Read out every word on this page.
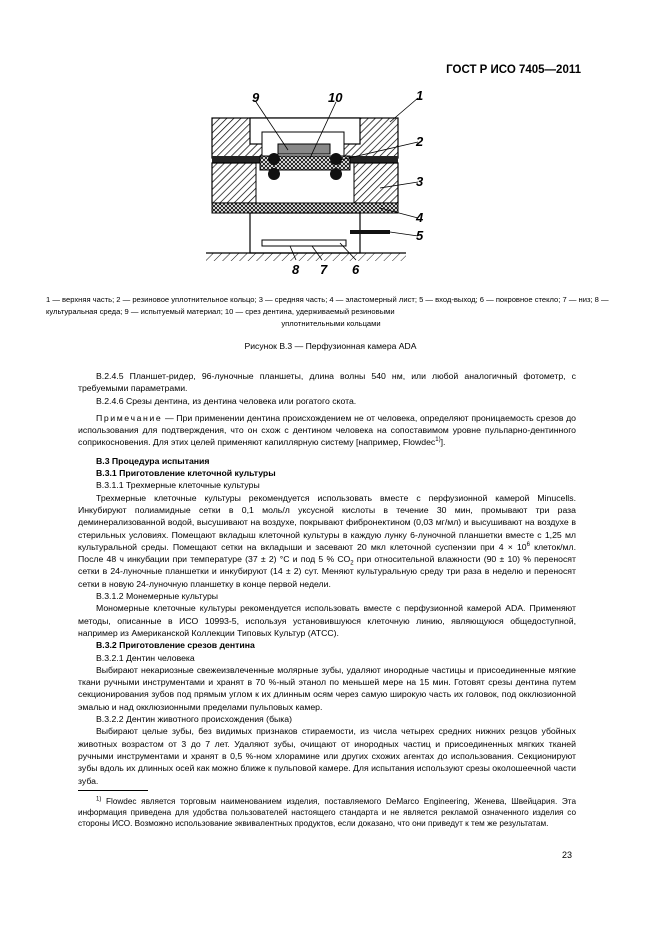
ГОСТ Р ИСО 7405—2011
9	10	1
2
3
4
5
6
7
8
1 — верхняя часть; 2 — резиновое уплотнительное кольцо; 3 — средняя часть; 4 — эластомерный лист; 5 — вход-выход; 6 — покровное стекло; 7 — низ; 8 — культуральная среда; 9 — испытуемый материал; 10 — срез дентина, удерживаемый резиновыми
уплотнительными кольцами
Рисунок В.3 — Перфузионная камера ADA

В.2.4.5 Планшет-ридер, 96-луночные планшеты, длина волны 540 нм, или любой аналогичный фотометр, с требуемыми параметрами.

В.2.4.6 Срезы дентина, из дентина человека или рогатого скота.

Примечание — При применении дентина происхождением не от человека, определяют проницаемость срезов до использования для подтверждения, что он схож с дентином человека на сопоставимом уровне пульпарно-дентинного соприкосновения. Для этих целей применяют капиллярную систему [например, Flowdec$^{1)}$].

В.3 Процедура испытания

В.3.1 Приготовление клеточной культуры

В.3.1.1 Трехмерные клеточные культуры

Трехмерные клеточные культуры рекомендуется использовать вместе с перфузионной камерой Minucells. Инкубируют полиамидные сетки в 0,1 моль/л уксусной кислоты в течение 30 мин, промывают три раза деминерализованной водой, высушивают на воздухе, покрывают фибронектином (0,03 мг/мл) и высушивают на воздухе в стерильных условиях. Помещают вкладыш клеточной культуры в каждую лунку 6-луночной планшетки вместе с 1,25 мл культуральной среды. Помещают сетки на вкладыши и засевают 20 мкл клеточной суспензии при $4 \times 10^6$ клеток/мл. После 48 ч инкубации при температуре (37 ± 2) °С и под 5 % $СО_2$ при относительной влажности (90 ± 10) % переносят сетки в 24-луночные планшетки и инкубируют (14 ± 2) сут. Меняют культуральную среду три раза в неделю и переносят сетки в новую 24-луночную планшетку в конце первой недели.

В.3.1.2 Монемерные культуры

Мономерные клеточные культуры рекомендуется использовать вместе с перфузионной камерой ADA. Применяют методы, описанные в ИСО 10993-5, используя установившуюся клеточную линию, являющуюся общедоступной, например из Американской Коллекции Типовых Культур (АТСС).

В.3.2 Приготовление срезов дентина

В.3.2.1 Дентин человека

Выбирают некариозные свежеизвлеченные молярные зубы, удаляют инородные частицы и присоединенные мягкие ткани ручными инструментами и хранят в 70 %-ный этанол по меньшей мере на 15 мин. Готовят срезы дентина путем секционирования зубов под прямым углом к их длинным осям через самую широкую часть их головок, под окклюзионной эмалью и над окклюзионными пределами пульповых камер.

В.3.2.2 Дентин животного происхождения (быка)

Выбирают целые зубы, без видимых признаков стираемости, из числа четырех средних нижних резцов убойных животных возрастом от 3 до 7 лет. Удаляют зубы, очищают от инородных частиц и присоединенных мягких тканей ручными инструментами и хранят в 0,5 %-ном хлорамине или других схожих агентах до использования. Секционируют зубы вдоль их длинных осей как можно ближе к пульповой камере. Для испытания используют срезы околошеечной части зуба.

$^{1)}$ Flowdec является торговым наименованием изделия, поставляемого DeMarco Engineering, Женева, Швейцария. Эта информация приведена для удобства пользователей настоящего стандарта и не является рекламой означенного изделия со стороны ИСО. Возможно использование эквивалентных продуктов, если доказано, что они приведут к тем же результатам.
23
